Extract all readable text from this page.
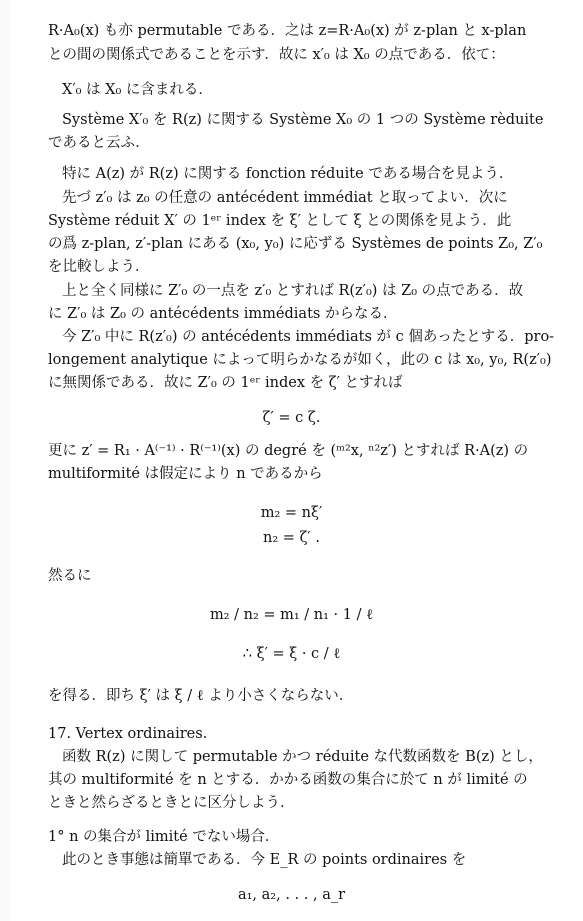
R·A₀(x) も亦 permutable である．之は z=R·A₀(x) が z-plan と x-plan
との間の関係式であることを示す．故に x′₀ は X₀ の点である．依て：
X′₀ は X₀ に含まれる．
Système X′₀ を R(z) に関する Système X₀ の 1 つの Système rèduite
であると云ふ．
特に A(z) が R(z) に関する fonction réduite である場合を見よう．
先づ z′₀ は z₀ の任意の antécédent immédiat と取ってよい．次に
Système réduit X′ の 1ᵉʳ index を ξ′ として ξ との関係を見よう．此
の爲 z-plan, z′-plan にある (x₀, y₀) に応ずる Systèmes de points Z₀, Z′₀
を比較しよう．
上と全く同様に Z′₀ の一点を z′₀ とすれば R(z′₀) は Z₀ の点である．故
に Z′₀ は Z₀ の antécédents immédiats からなる．
今 Z′₀ 中に R(z′₀) の antécédents immédiats が c 個あったとする．pro-
longement analytique によって明らかなるが如く，此の c は x₀, y₀, R(z′₀)
に無関係である．故に Z′₀ の 1ᵉʳ index を ζ′ とすれば
ζ′ = c ζ.
更に z′ = R₁ · A⁽⁻¹⁾ · R⁽⁻¹⁾(x) の degré を (ᵐ²x, ⁿ²z′) とすれば R·A(z) の
multiformité は假定により n であるから
m₂ = nξ′
n₂ = ζ′ .
然るに
m₂ / n₂ = m₁ / n₁ · 1 / ℓ
∴ ξ′ = ξ · c / ℓ
を得る．即ち ξ′ は ξ / ℓ より小さくならない．
17. Vertex ordinaires.
函数 R(z) に関して permutable かつ réduite な代数函数を B(z) とし，
其の multiformité を n とする．かかる函数の集合に於て n が limité の
ときと然らざるときとに区分しよう．
1° n の集合が limité でない場合．
此のとき事態は簡單である．今 E_R の points ordinaires を
a₁, a₂, . . . , a_r
